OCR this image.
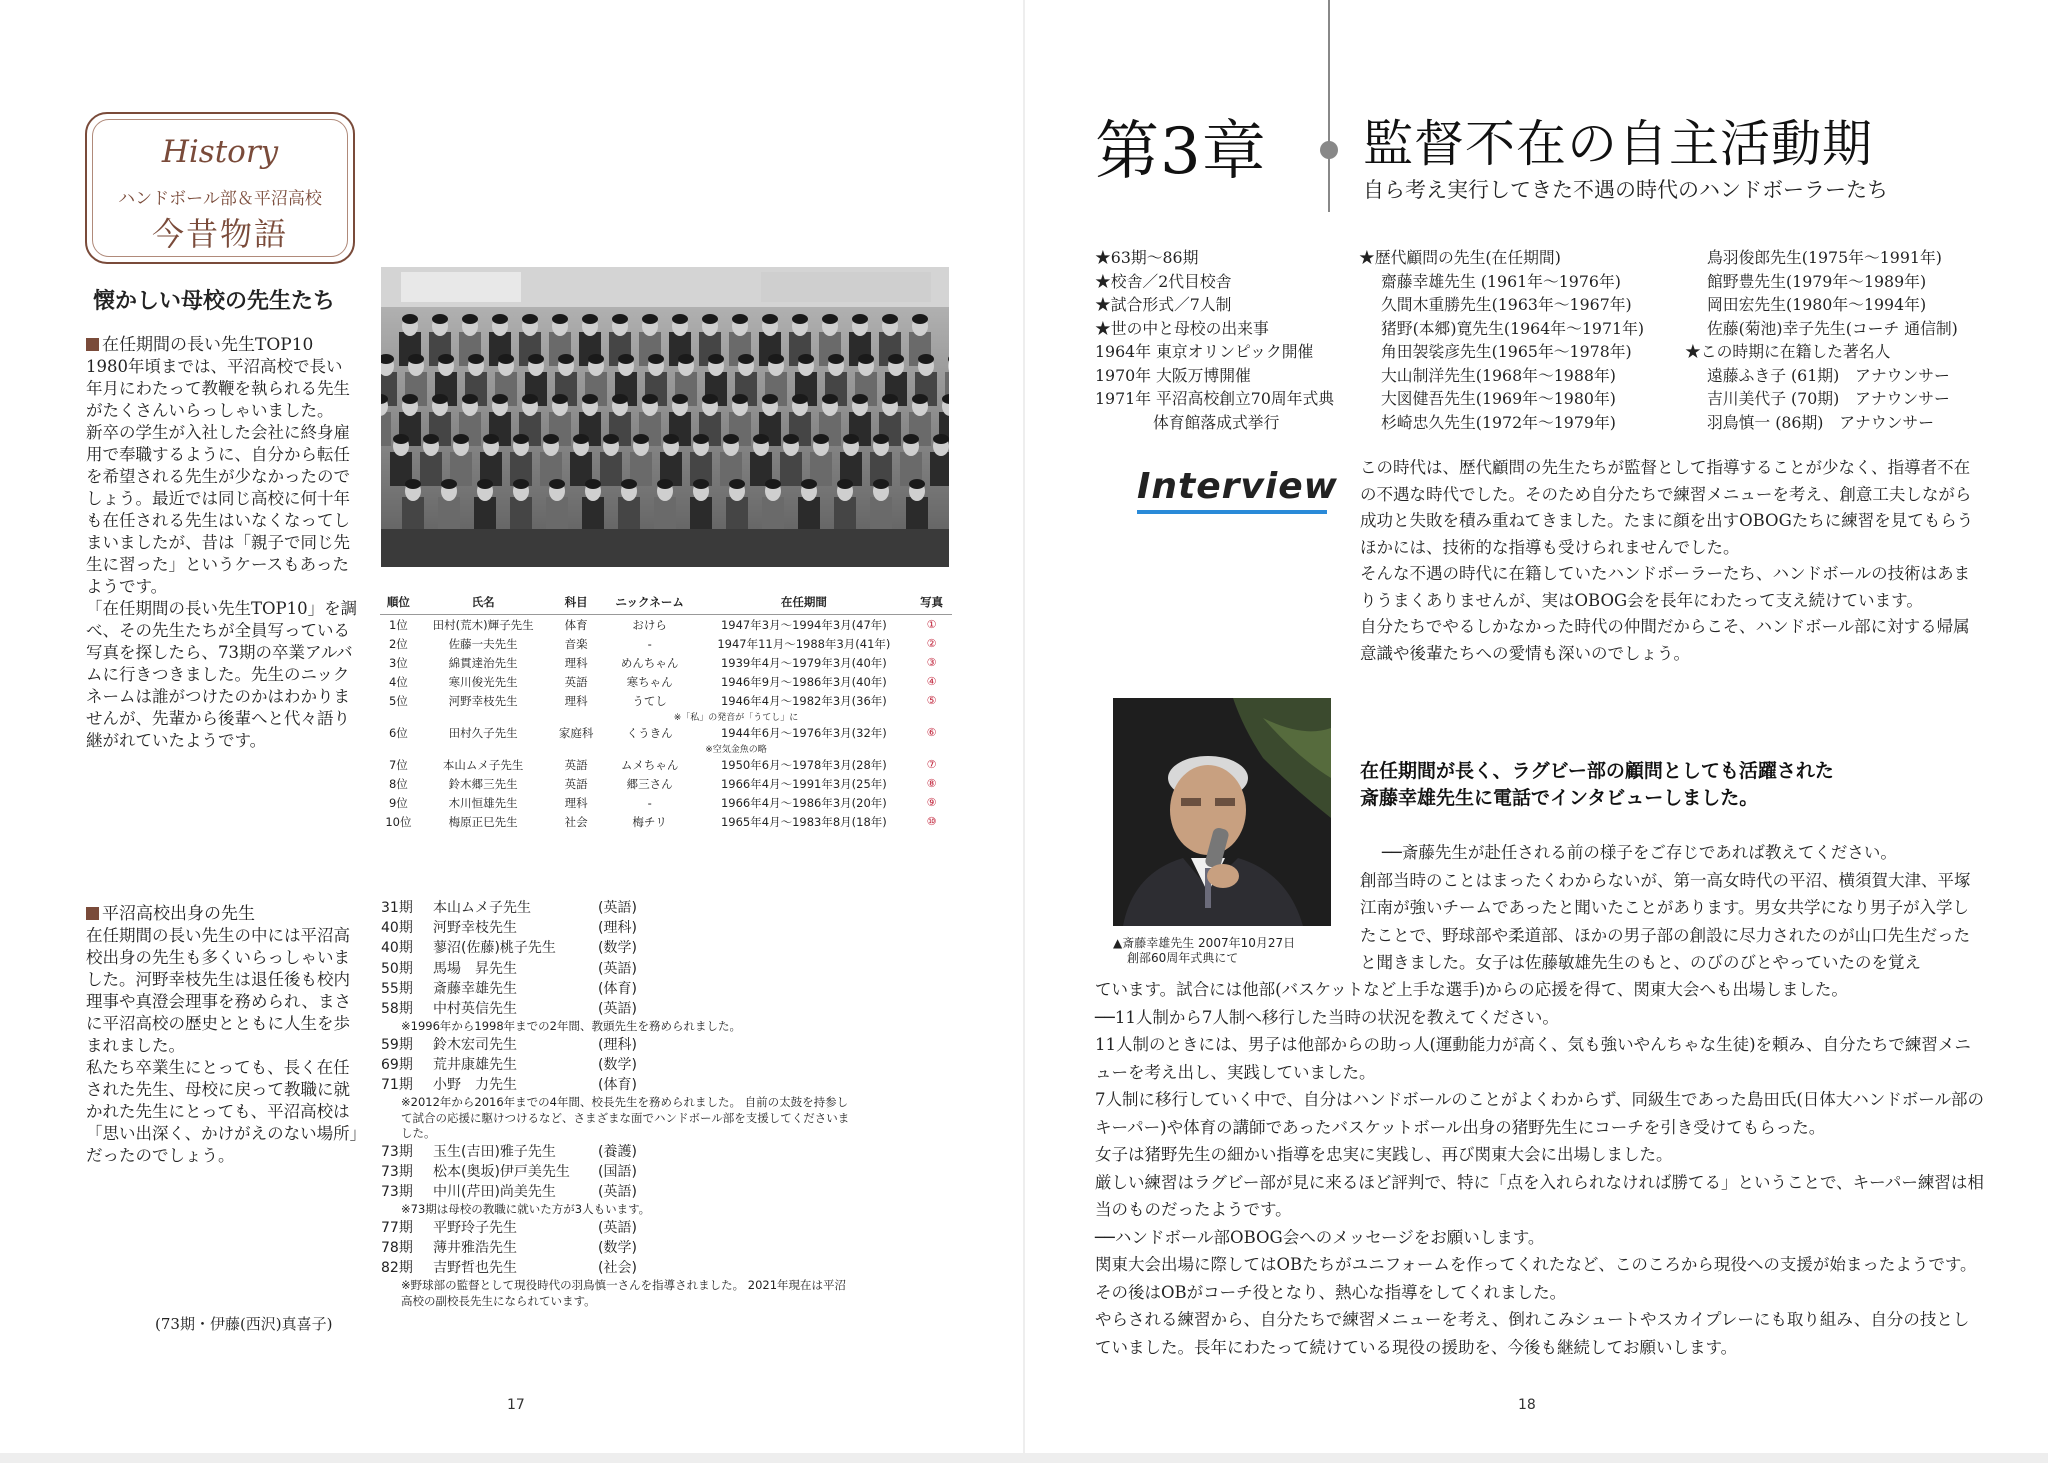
History
ハンドボール部＆平沼高校
今昔物語
懐かしい母校の先生たち
在任期間の長い先生TOP10

1980年頃までは、平沼高校で長い年月にわたって教鞭を執られる先生がたくさんいらっしゃいました。

新卒の学生が入社した会社に終身雇用で奉職するように、自分から転任を希望される先生が少なかったのでしょう。最近では同じ高校に何十年も在任される先生はいなくなってしまいましたが、昔は「親子で同じ先生に習った」というケースもあったようです。

「在任期間の長い先生TOP10」を調べ、その先生たちが全員写っている写真を探したら、73期の卒業アルバムに行きつきました。先生のニックネームは誰がつけたのかはわかりませんが、先輩から後輩へと代々語り継がれていたようです。

順位	氏名	科目	ニックネーム	在任期間	写真
1位	田村(荒木)輝子先生	体育	おけら	1947年3月〜1994年3月(47年)	①
2位	佐藤一夫先生	音楽	-	1947年11月〜1988年3月(41年)	②
3位	綿貫達治先生	理科	めんちゃん	1939年4月〜1979年3月(40年)	③
4位	寒川俊光先生	英語	寒ちゃん	1946年9月〜1986年3月(40年)	④
5位	河野幸枝先生	理科	うてし	1946年4月〜1982年3月(36年)	⑤
※「私」の発音が「うてし」に					
6位	田村久子先生	家庭科	くうきん	1944年6月〜1976年3月(32年)	⑥
※空気金魚の略					
7位	本山ムメ子先生	英語	ムメちゃん	1950年6月〜1978年3月(28年)	⑦
8位	鈴木郷三先生	英語	郷三さん	1966年4月〜1991年3月(25年)	⑧
9位	木川恒雄先生	理科	-	1966年4月〜1986年3月(20年)	⑨
10位	梅原正巳先生	社会	梅チリ	1965年4月〜1983年8月(18年)	⑩
平沼高校出身の先生

在任期間の長い先生の中には平沼高校出身の先生も多くいらっしゃいました。河野幸枝先生は退任後も校内理事や真澄会理事を務められ、まさに平沼高校の歴史とともに人生を歩まれました。

私たち卒業生にとっても、長く在任された先生、母校に戻って教職に就かれた先生にとっても、平沼高校は「思い出深く、かけがえのない場所」だったのでしょう。

(73期・伊藤(西沢)真喜子)
31期 本山ムメ子先生	(英語)
40期 河野幸枝先生	(理科)
40期 蓼沼(佐藤)桃子先生	(数学)
50期 馬場　昇先生	(英語)
55期 斎藤幸雄先生	(体育)
58期 中村英信先生	(英語)
※1996年から1998年までの2年間、教頭先生を務められました。
59期 鈴木宏司先生	(理科)
69期 荒井康雄先生	(数学)
71期 小野　力先生	(体育)
※2012年から2016年までの4年間、校長先生を務められました。 自前の太鼓を持参して試合の応援に駆けつけるなど、さまざまな面でハンドボール部を支援してくださいました。
73期 玉生(吉田)雅子先生	(養護)
73期 松本(奥坂)伊戸美先生 (国語)
73期 中川(芹田)尚美先生	(英語)
※73期は母校の教職に就いた方が3人もいます。
77期 平野玲子先生	(英語)
78期 薄井雅浩先生	(数学)
82期 吉野哲也先生	(社会)
※野球部の監督として現役時代の羽鳥慎一さんを指導されました。 2021年現在は平沼高校の副校長先生になられています。
17
第3章 監督不在の自主活動期
自ら考え実行してきた不遇の時代のハンドボーラーたち
★63期〜86期
★校舎／2代目校舎
★試合形式／7人制
★世の中と母校の出来事
1964年 東京オリンピック開催
1970年 大阪万博開催
1971年 平沼高校創立70周年式典
体育館落成式挙行
★歴代顧問の先生(在任期間)
齋藤幸雄先生 (1961年〜1976年)
久間木重勝先生(1963年〜1967年)
猪野(本郷)寛先生(1964年〜1971年)
角田袈裟彦先生(1965年〜1978年)
大山制洋先生(1968年〜1988年)
大図健吾先生(1969年〜1980年)
杉崎忠久先生(1972年〜1979年)
鳥羽俊郎先生(1975年〜1991年)
館野豊先生(1979年〜1989年)
岡田宏先生(1980年〜1994年)
佐藤(菊池)幸子先生(コーチ 通信制)
★この時期に在籍した著名人
遠藤ふき子 (61期)　アナウンサー
吉川美代子 (70期)　アナウンサー
羽鳥慎一 (86期)　アナウンサー
Interview	この時代は、歴代顧問の先生たちが監督として指導することが少なく、指導者不在の不遇な時代でした。そのため自分たちで練習メニューを考え、創意工夫しながら成功と失敗を積み重ねてきました。たまに顔を出すOBOGたちに練習を見てもらうほかには、技術的な指導も受けられませんでした。

そんな不遇の時代に在籍していたハンドボーラーたち、ハンドボールの技術はあまりうまくありませんが、実はOBOG会を長年にわたって支え続けています。

自分たちでやるしかなかった時代の仲間だからこそ、ハンドボール部に対する帰属意識や後輩たちへの愛情も深いのでしょう。

▲斎藤幸雄先生 2007年10月27日
創部60周年式典にて
在任期間が長く、ラグビー部の顧問としても活躍された
斎藤幸雄先生に電話でインタビューしました。

──斎藤先生が赴任される前の様子をご存じであれば教えてください。

創部当時のことはまったくわからないが、第一高女時代の平沼、横須賀大津、平塚江南が強いチームであったと聞いたことがあります。男女共学になり男子が入学したことで、野球部や柔道部、ほかの男子部の創設に尽力されたのが山口先生だったと聞きました。女子は佐藤敏雄先生のもと、のびのびとやっていたのを覚え

ています。試合には他部(バスケットなど上手な選手)からの応援を得て、関東大会へも出場しました。

──11人制から7人制へ移行した当時の状況を教えてください。

11人制のときには、男子は他部からの助っ人(運動能力が高く、気も強いやんちゃな生徒)を頼み、自分たちで練習メニューを考え出し、実践していました。

7人制に移行していく中で、自分はハンドボールのことがよくわからず、同級生であった島田氏(日体大ハンドボール部のキーパー)や体育の講師であったバスケットボール出身の猪野先生にコーチを引き受けてもらった。

女子は猪野先生の細かい指導を忠実に実践し、再び関東大会に出場しました。

厳しい練習はラグビー部が見に来るほど評判で、特に「点を入れられなければ勝てる」ということで、キーパー練習は相当のものだったようです。

──ハンドボール部OBOG会へのメッセージをお願いします。

関東大会出場に際してはOBたちがユニフォームを作ってくれたなど、このころから現役への支援が始まったようです。

その後はOBがコーチ役となり、熱心な指導をしてくれました。

やらされる練習から、自分たちで練習メニューを考え、倒れこみシュートやスカイプレーにも取り組み、自分の技としていました。長年にわたって続けている現役の援助を、今後も継続してお願いします。

18
